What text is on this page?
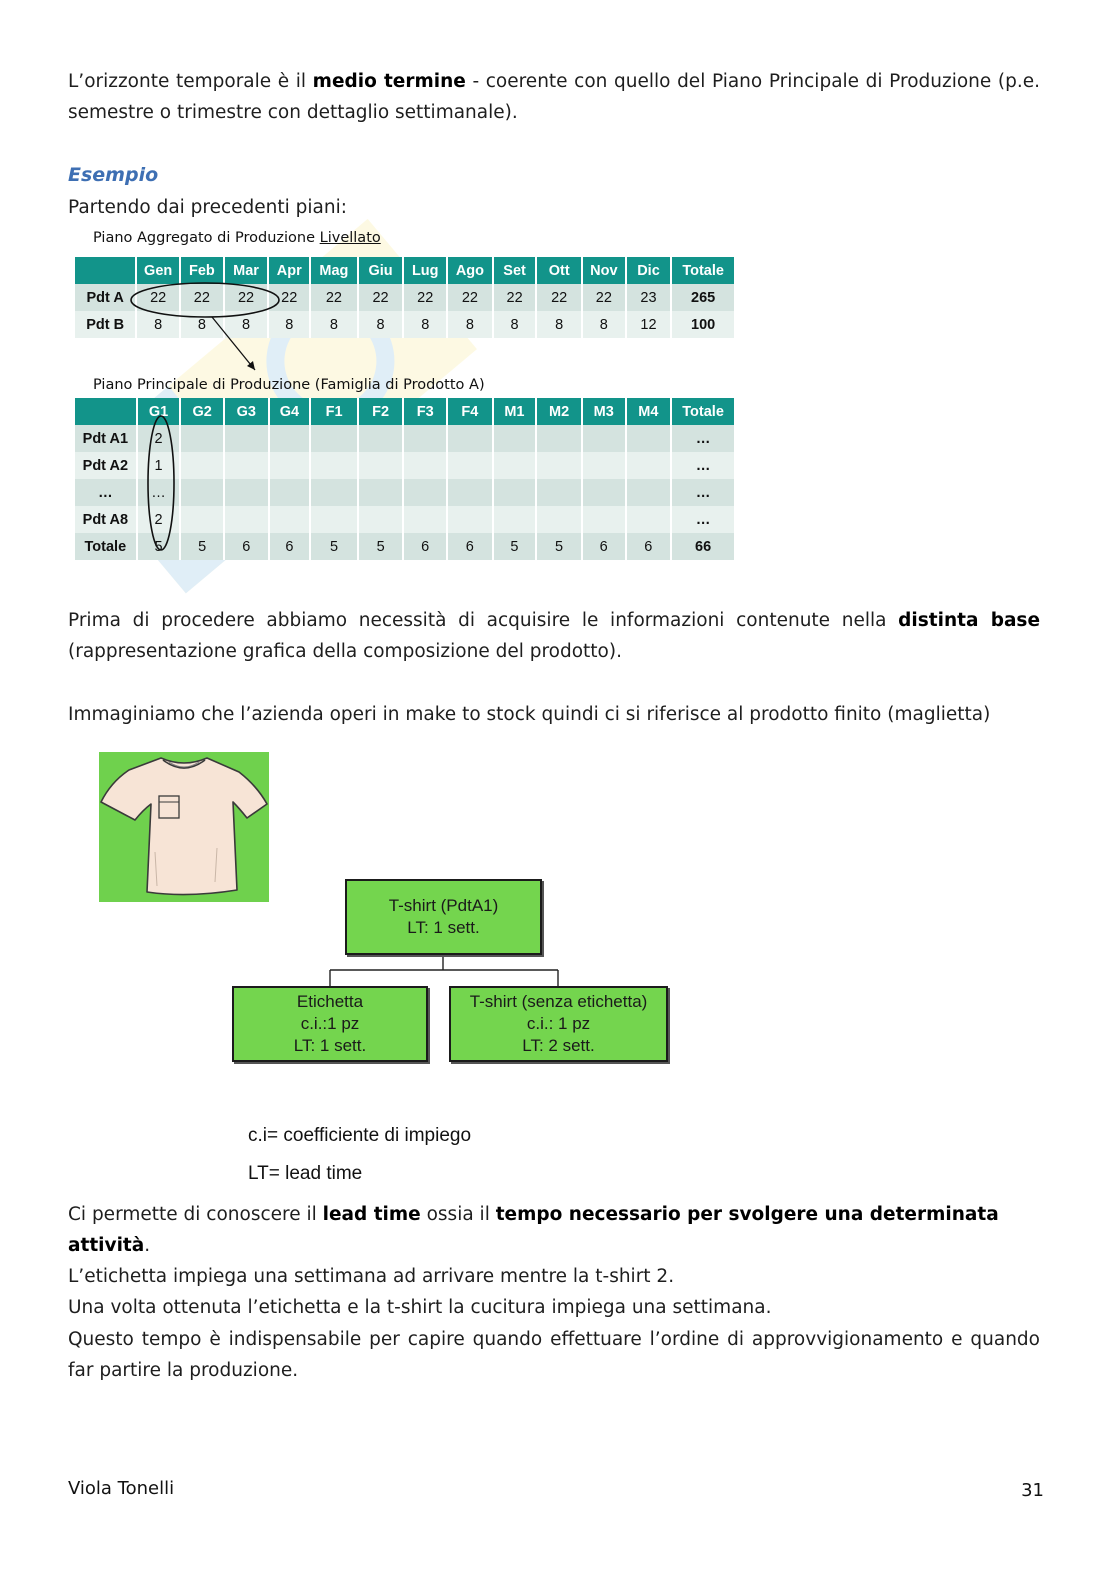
L’orizzonte temporale è il medio termine - coerente con quello del Piano Principale di Produzione (p.e. semestre o trimestre con dettaglio settimanale).
Esempio
Partendo dai precedenti piani:
Piano Aggregato di Produzione Livellato
	Gen	Feb	Mar	Apr	Mag	Giu	Lug	Ago	Set	Ott	Nov	Dic	Totale
Pdt A	22	22	22	22	22	22	22	22	22	22	22	23	265
Pdt B	8	8	8	8	8	8	8	8	8	8	8	12	100
Piano Principale di Produzione (Famiglia di Prodotto A)
	G1	G2	G3	G4	F1	F2	F3	F4	M1	M2	M3	M4	Totale
Pdt A1	2												…
Pdt A2	1												…
…	…												…
Pdt A8	2												…
Totale	5	5	6	6	5	5	6	6	5	5	6	6	66
Prima di procedere abbiamo necessità di acquisire le informazioni contenute nella distinta base (rappresentazione grafica della composizione del prodotto).
Immaginiamo che l’azienda operi in make to stock quindi ci si riferisce al prodotto finito (maglietta)
T-shirt (PdtA1)
LT: 1 sett.
Etichetta
c.i.:1 pz
LT: 1 sett.
T-shirt (senza etichetta)
c.i.: 1 pz
LT: 2 sett.
c.i= coefficiente di impiego
LT= lead time
Ci permette di conoscere il lead time ossia il tempo necessario per svolgere una determinata attività.
L’etichetta impiega una settimana ad arrivare mentre la t-shirt 2.
Una volta ottenuta l’etichetta e la t-shirt la cucitura impiega una settimana.
Questo tempo è indispensabile per capire quando effettuare l’ordine di approvvigionamento e quando far partire la produzione.
Viola Tonelli	31
